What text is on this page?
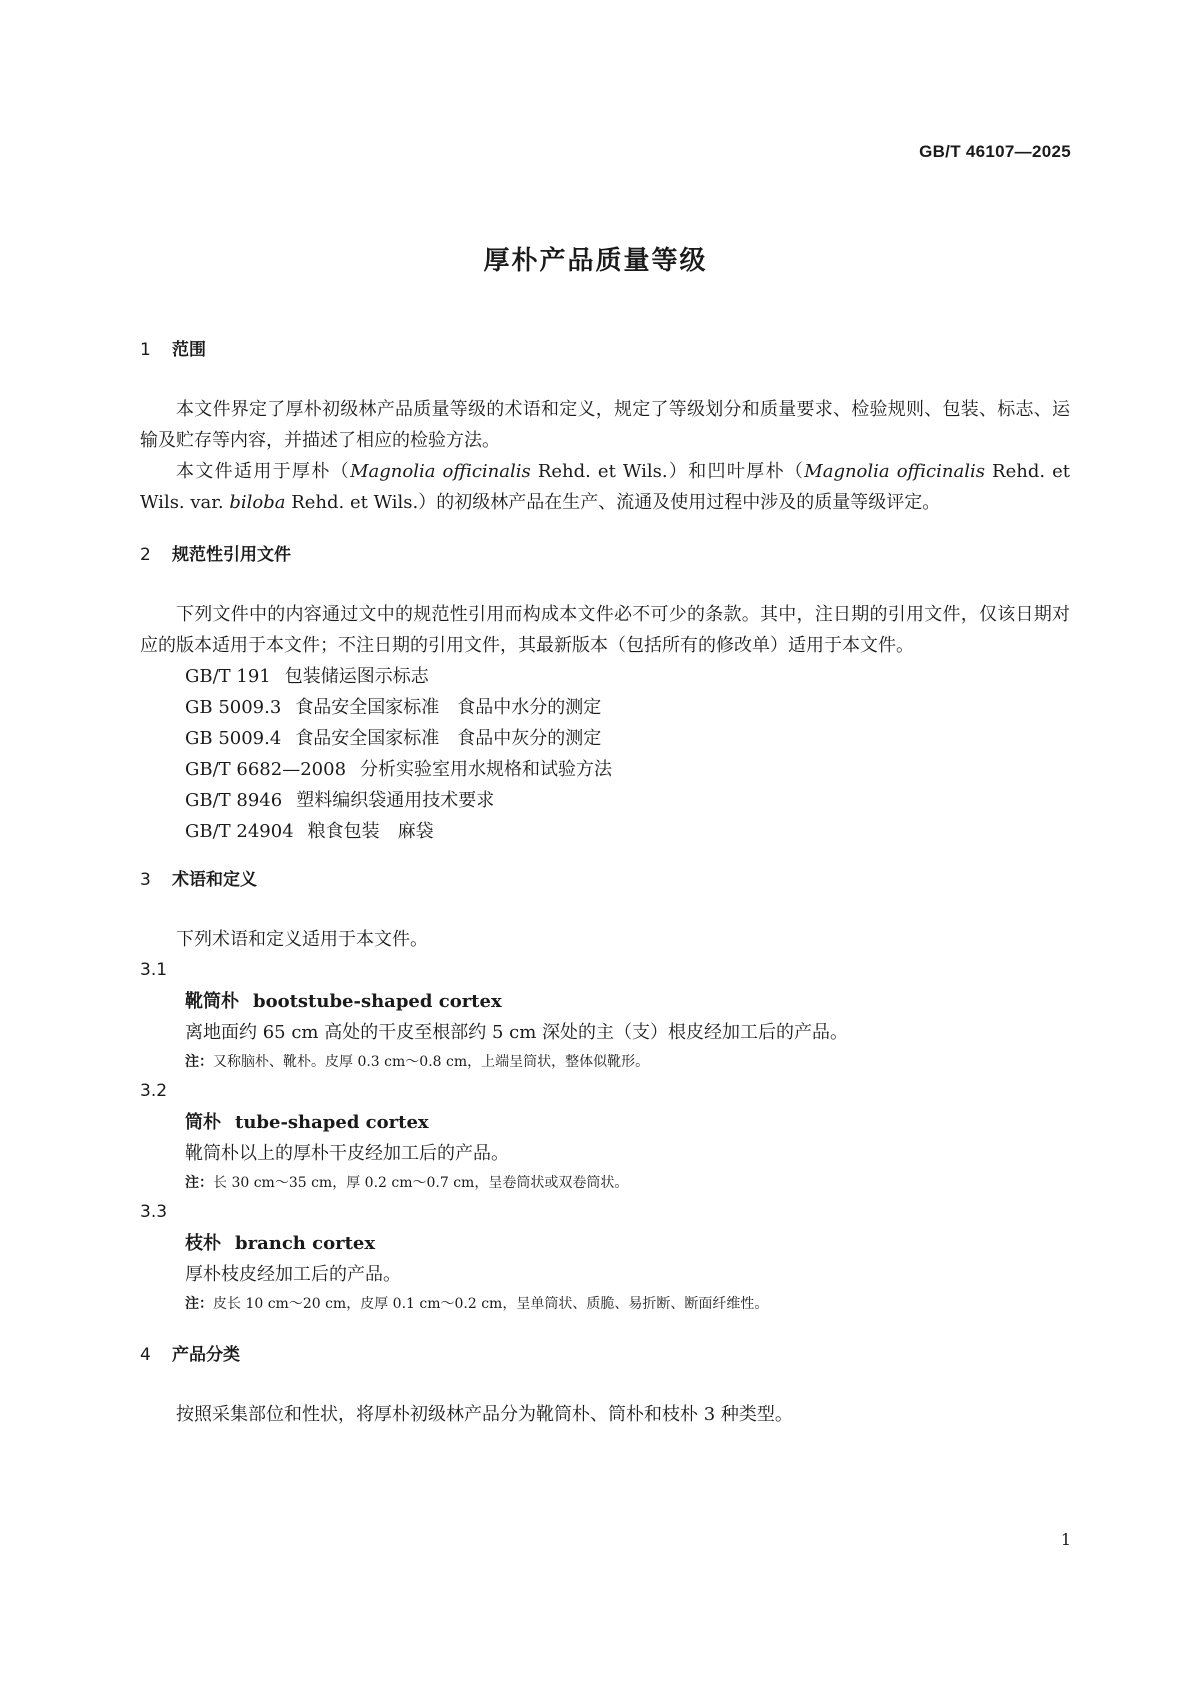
GB/T 46107—2025
厚朴产品质量等级

1 范围

本文件界定了厚朴初级林产品质量等级的术语和定义，规定了等级划分和质量要求、检验规则、包装、标志、运输及贮存等内容，并描述了相应的检验方法。

本文件适用于厚朴（Magnolia officinalis Rehd. et Wils.）和凹叶厚朴（Magnolia officinalis Rehd. et Wils. var. biloba Rehd. et Wils.）的初级林产品在生产、流通及使用过程中涉及的质量等级评定。

2 规范性引用文件

下列文件中的内容通过文中的规范性引用而构成本文件必不可少的条款。其中，注日期的引用文件，仅该日期对应的版本适用于本文件；不注日期的引用文件，其最新版本（包括所有的修改单）适用于本文件。

GB/T 191 包装储运图示标志

GB 5009.3 食品安全国家标准　食品中水分的测定

GB 5009.4 食品安全国家标准　食品中灰分的测定

GB/T 6682—2008 分析实验室用水规格和试验方法

GB/T 8946 塑料编织袋通用技术要求

GB/T 24904 粮食包装　麻袋

3 术语和定义

下列术语和定义适用于本文件。

3.1

靴筒朴 bootstube-shaped cortex

离地面约 65 cm 高处的干皮至根部约 5 cm 深处的主（支）根皮经加工后的产品。

注：又称脑朴、靴朴。皮厚 0.3 cm～0.8 cm，上端呈筒状，整体似靴形。

3.2

筒朴 tube-shaped cortex

靴筒朴以上的厚朴干皮经加工后的产品。

注：长 30 cm～35 cm，厚 0.2 cm～0.7 cm，呈卷筒状或双卷筒状。

3.3

枝朴 branch cortex

厚朴枝皮经加工后的产品。

注：皮长 10 cm～20 cm，皮厚 0.1 cm～0.2 cm，呈单筒状、质脆、易折断、断面纤维性。

4 产品分类

按照采集部位和性状，将厚朴初级林产品分为靴筒朴、筒朴和枝朴 3 种类型。

1
